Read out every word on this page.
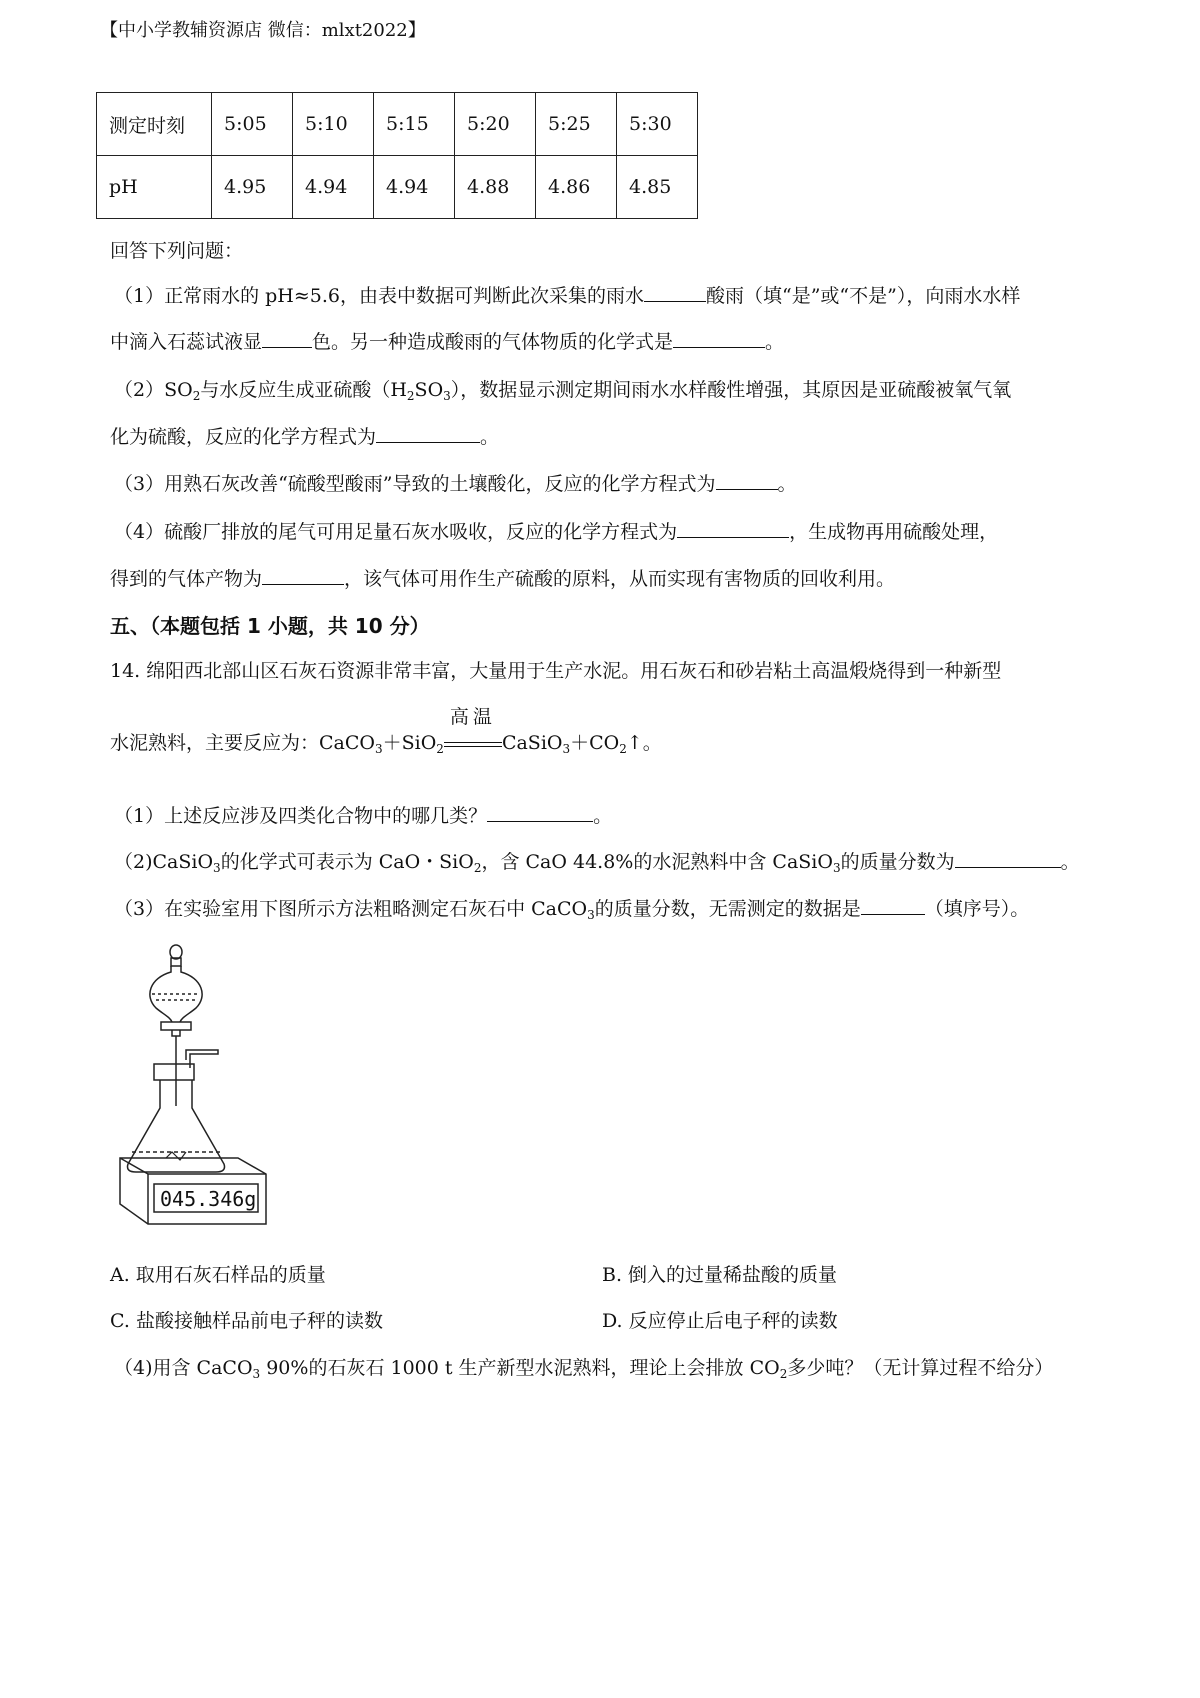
【中小学教辅资源店 微信：mlxt2022】
测定时刻	5:05	5:10	5:15	5:20	5:25	5:30
pH	4.95	4.94	4.94	4.88	4.86	4.85
回答下列问题：
（1）正常雨水的 pH≈5.6，由表中数据可判断此次采集的雨水	酸雨（填“是”或“不是”），向雨水水样
中滴入石蕊试液显	色。另一种造成酸雨的气体物质的化学式是	。
$(2)SO_2$与水反应生成亚硫酸$(H_2SO_3)$，数据显示测定期间雨水水样酸性增强，其原因是亚硫酸被氧气氧
化为硫酸，反应的化学方程式为	。
（3）用熟石灰改善“硫酸型酸雨”导致的土壤酸化，反应的化学方程式为	。
（4）硫酸厂排放的尾气可用足量石灰水吸收，反应的化学方程式为	，生成物再用硫酸处理，
得到的气体产物为	，该气体可用作生产硫酸的原料，从而实现有害物质的回收利用。
五、（本题包括 1 小题，共 10 分）
14. 绵阳西北部山区石灰石资源非常丰富，大量用于生产水泥。用石灰石和砂岩粘土高温煅烧得到一种新型
水泥熟料，主要反应为：CaCO$_3$＋SiO$_2$
高温
$CaSiO_3+CO_2↑$。
（1）上述反应涉及四类化合物中的哪几类？	。
（2)CaSiO$_3$的化学式可表示为 CaO・SiO$_2$，含 CaO 44.8%的水泥熟料中含 CaSiO$_3$的质量分数为	。
（3）在实验室用下图所示方法粗略测定石灰石中 CaCO$_3$的质量分数，无需测定的数据是	（填序号）。
045.346g
A. 取用石灰石样品的质量	B. 倒入的过量稀盐酸的质量
C. 盐酸接触样品前电子秤的读数	D. 反应停止后电子秤的读数
（4)用含 CaCO$_3$ 90%的石灰石 1000 t 生产新型水泥熟料，理论上会排放 $CO_2$多少吨？（无计算过程不给分）
